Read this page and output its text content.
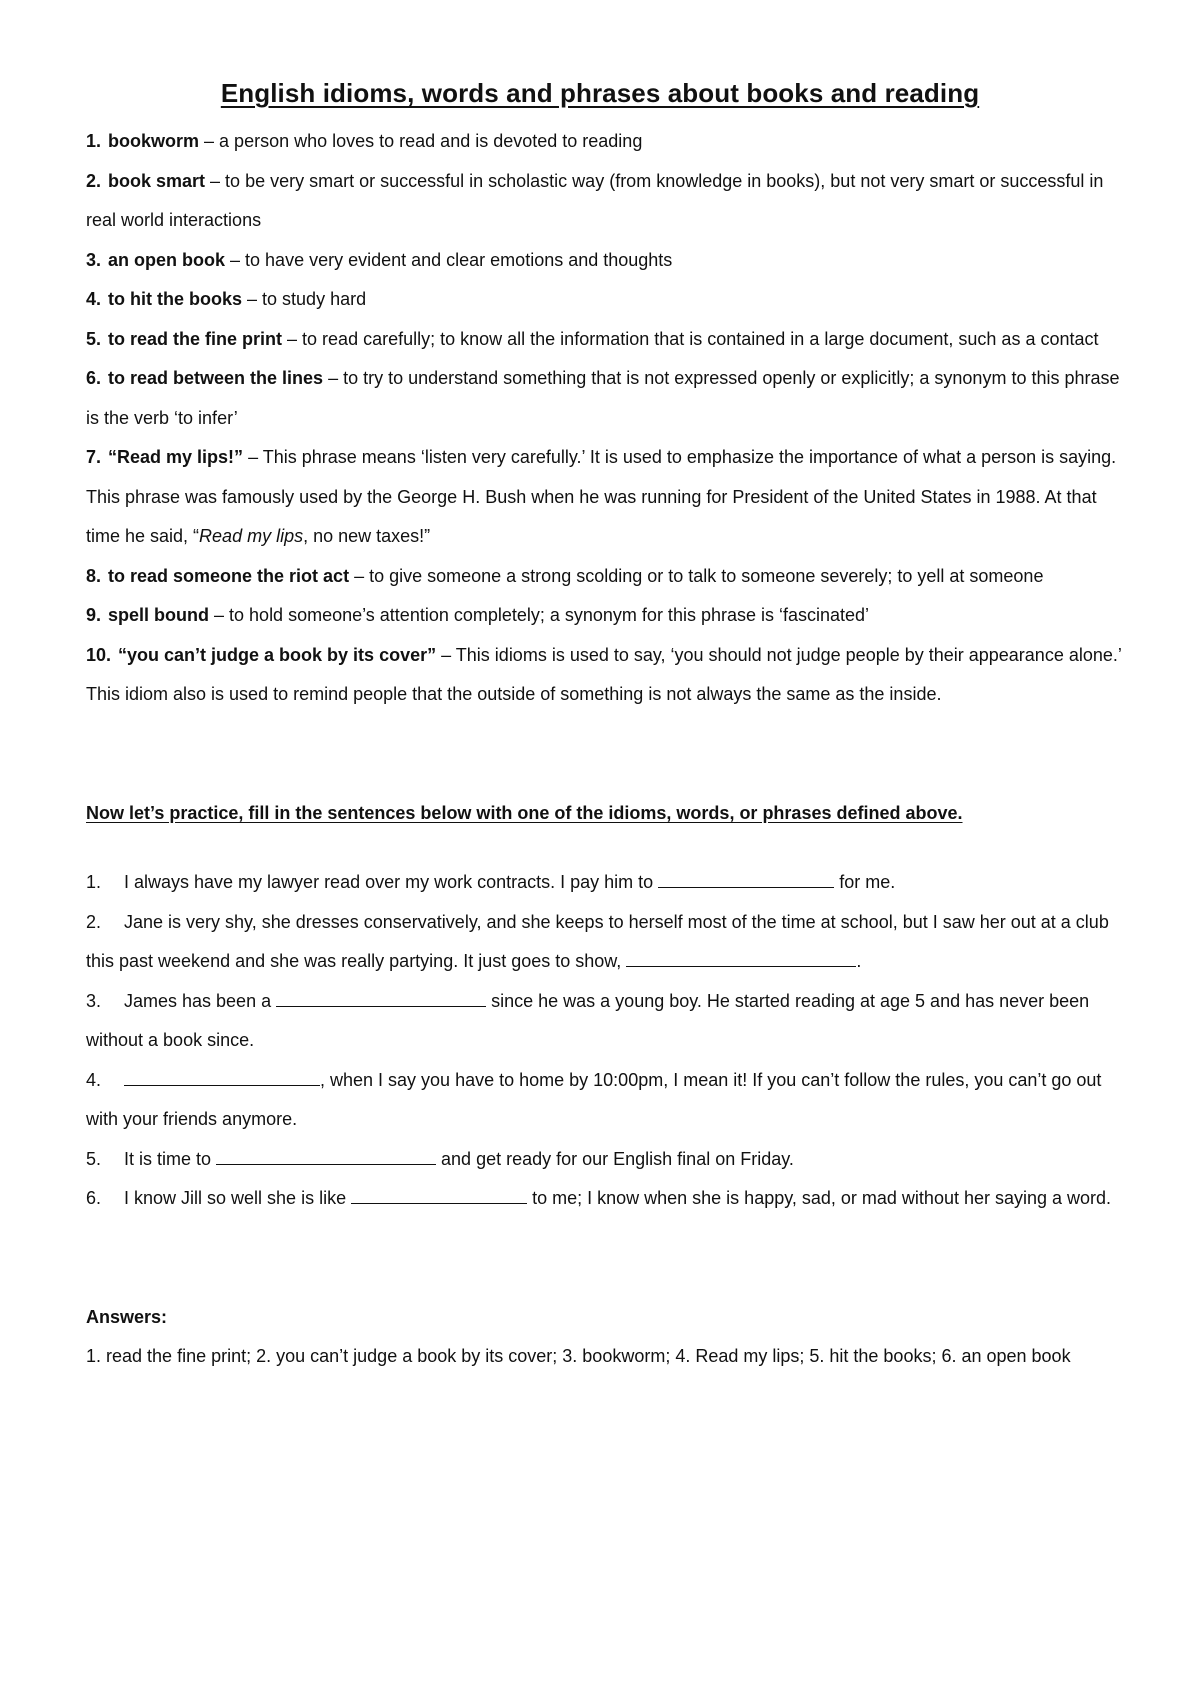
English idioms, words and phrases about books and reading

1. bookworm – a person who loves to read and is devoted to reading

2. book smart – to be very smart or successful in scholastic way (from knowledge in books), but not very smart or successful in real world interactions

3. an open book – to have very evident and clear emotions and thoughts

4. to hit the books – to study hard

5. to read the fine print – to read carefully; to know all the information that is contained in a large document, such as a contact

6. to read between the lines – to try to understand something that is not expressed openly or explicitly; a synonym to this phrase is the verb ‘to infer’

7. “Read my lips!” – This phrase means ‘listen very carefully.’ It is used to emphasize the importance of what a person is saying. This phrase was famously used by the George H. Bush when he was running for President of the United States in 1988. At that time he said, “Read my lips, no new taxes!”

8. to read someone the riot act – to give someone a strong scolding or to talk to someone severely; to yell at someone

9. spell bound – to hold someone’s attention completely; a synonym for this phrase is ‘fascinated’

10. “you can’t judge a book by its cover” – This idioms is used to say, ‘you should not judge people by their appearance alone.’ This idiom also is used to remind people that the outside of something is not always the same as the inside.

Now let’s practice, fill in the sentences below with one of the idioms, words, or phrases defined above.

1. I always have my lawyer read over my work contracts. I pay him to	for me.

2. Jane is very shy, she dresses conservatively, and she keeps to herself most of the time at school, but I saw her out at a club this past weekend and she was really partying. It just goes to show,	.

3. James has been a	since he was a young boy. He started reading at age 5 and has never been without a book since.

4.	, when I say you have to home by 10:00pm, I mean it! If you can’t follow the rules, you can’t go out with your friends anymore.

5. It is time to	and get ready for our English final on Friday.

6. I know Jill so well she is like	to me; I know when she is happy, sad, or mad without her saying a word.

Answers:

1. read the fine print; 2. you can’t judge a book by its cover; 3. bookworm; 4. Read my lips; 5. hit the books; 6. an open book
